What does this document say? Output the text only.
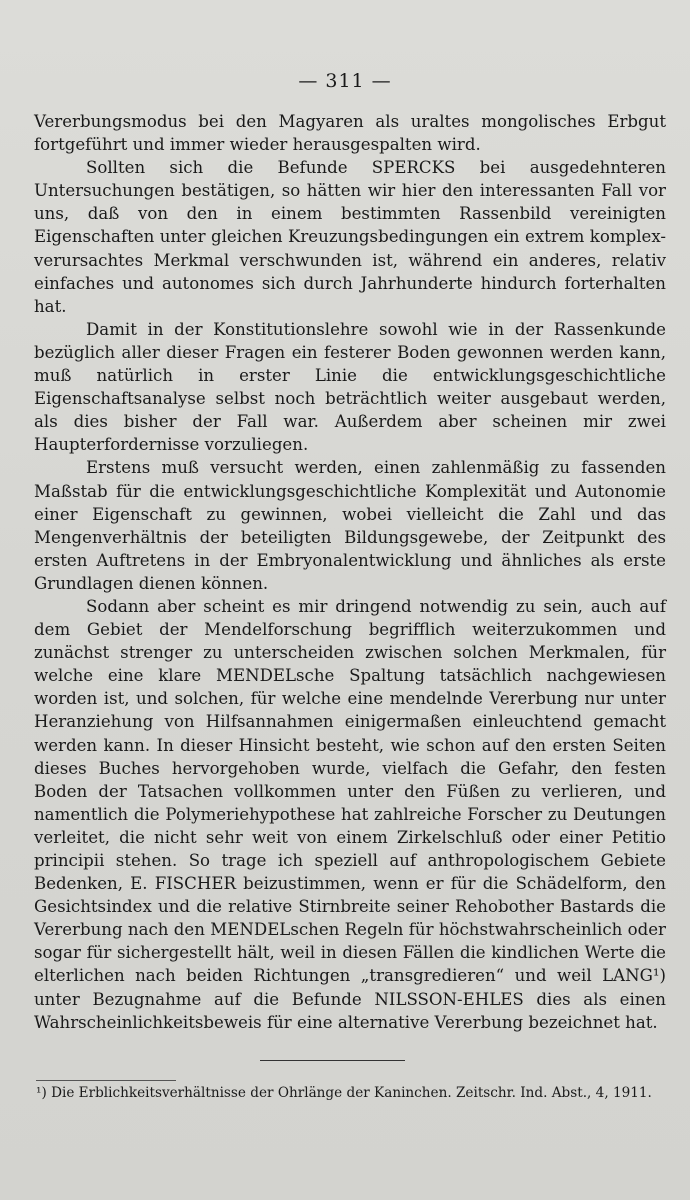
— 311 —

Vererbungsmodus bei den Magyaren als uraltes mongolisches Erbgut fortgeführt und immer wieder herausgespalten wird.

Sollten sich die Befunde SPERCKS bei ausgedehnteren Untersuchungen bestätigen, so hätten wir hier den interessanten Fall vor uns, daß von den in einem bestimmten Rassenbild vereinigten Eigenschaften unter gleichen Kreuzungsbedingungen ein extrem komplex-verursachtes Merkmal verschwunden ist, während ein anderes, relativ einfaches und autonomes sich durch Jahrhunderte hindurch forterhalten hat.

Damit in der Konstitutionslehre sowohl wie in der Rassenkunde bezüglich aller dieser Fragen ein festerer Boden gewonnen werden kann, muß natürlich in erster Linie die entwicklungsgeschichtliche Eigenschaftsanalyse selbst noch beträchtlich weiter ausgebaut werden, als dies bisher der Fall war. Außerdem aber scheinen mir zwei Haupterfordernisse vorzuliegen.

Erstens muß versucht werden, einen zahlenmäßig zu fassenden Maßstab für die entwicklungsgeschichtliche Komplexität und Autonomie einer Eigenschaft zu gewinnen, wobei vielleicht die Zahl und das Mengenverhältnis der beteiligten Bildungsgewebe, der Zeitpunkt des ersten Auftretens in der Embryonalentwicklung und ähnliches als erste Grundlagen dienen können.

Sodann aber scheint es mir dringend notwendig zu sein, auch auf dem Gebiet der Mendelforschung begrifflich weiterzukommen und zunächst strenger zu unterscheiden zwischen solchen Merkmalen, für welche eine klare MENDELsche Spaltung tatsächlich nachgewiesen worden ist, und solchen, für welche eine mendelnde Vererbung nur unter Heranziehung von Hilfsannahmen einigermaßen einleuchtend gemacht werden kann. In dieser Hinsicht besteht, wie schon auf den ersten Seiten dieses Buches hervorgehoben wurde, vielfach die Gefahr, den festen Boden der Tatsachen vollkommen unter den Füßen zu verlieren, und namentlich die Polymeriehypothese hat zahlreiche Forscher zu Deutungen verleitet, die nicht sehr weit von einem Zirkelschluß oder einer Petitio principii stehen. So trage ich speziell auf anthropologischem Gebiete Bedenken, E. FISCHER beizustimmen, wenn er für die Schädelform, den Gesichtsindex und die relative Stirnbreite seiner Rehobother Bastards die Vererbung nach den MENDELschen Regeln für höchstwahrscheinlich oder sogar für sichergestellt hält, weil in diesen Fällen die kindlichen Werte die elterlichen nach beiden Richtungen „transgredieren“ und weil LANG¹) unter Bezugnahme auf die Befunde NILSSON-EHLES dies als einen Wahrscheinlichkeitsbeweis für eine alternative Vererbung bezeichnet hat.

¹) Die Erblichkeitsverhältnisse der Ohrlänge der Kaninchen. Zeitschr. Ind. Abst., 4, 1911.
